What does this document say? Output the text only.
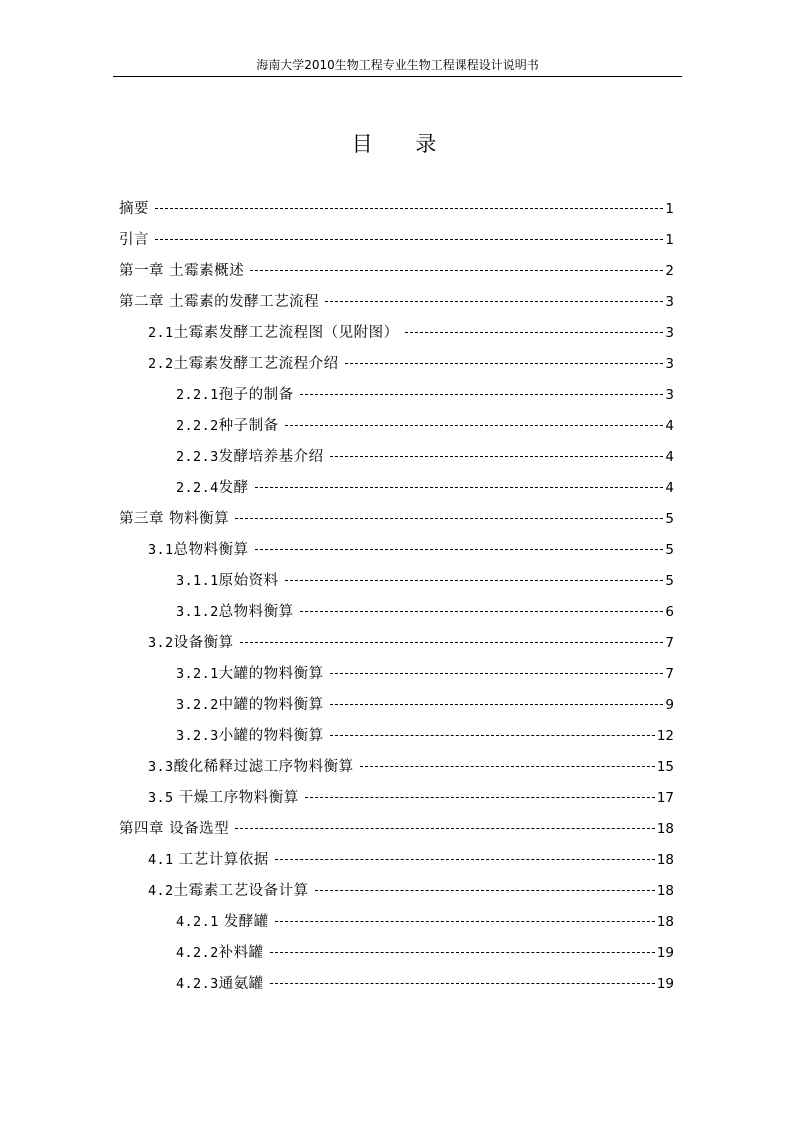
海南大学2010生物工程专业生物工程课程设计说明书
目 录
摘要	1
引言	1
第一章 土霉素概述	2
第二章 土霉素的发酵工艺流程	3
2.1土霉素发酵工艺流程图（见附图）	3
2.2土霉素发酵工艺流程介绍	3
2.2.1孢子的制备	3
2.2.2种子制备	4
2.2.3发酵培养基介绍	4
2.2.4发酵	4
第三章 物料衡算	5
3.1总物料衡算	5
3.1.1原始资料	5
3.1.2总物料衡算	6
3.2设备衡算	7
3.2.1大罐的物料衡算	7
3.2.2中罐的物料衡算	9
3.2.3小罐的物料衡算	12
3.3酸化稀释过滤工序物料衡算	15
3.5 干燥工序物料衡算	17
第四章 设备选型	18
4.1 工艺计算依据	18
4.2土霉素工艺设备计算	18
4.2.1 发酵罐	18
4.2.2补料罐	19
4.2.3通氨罐	19
